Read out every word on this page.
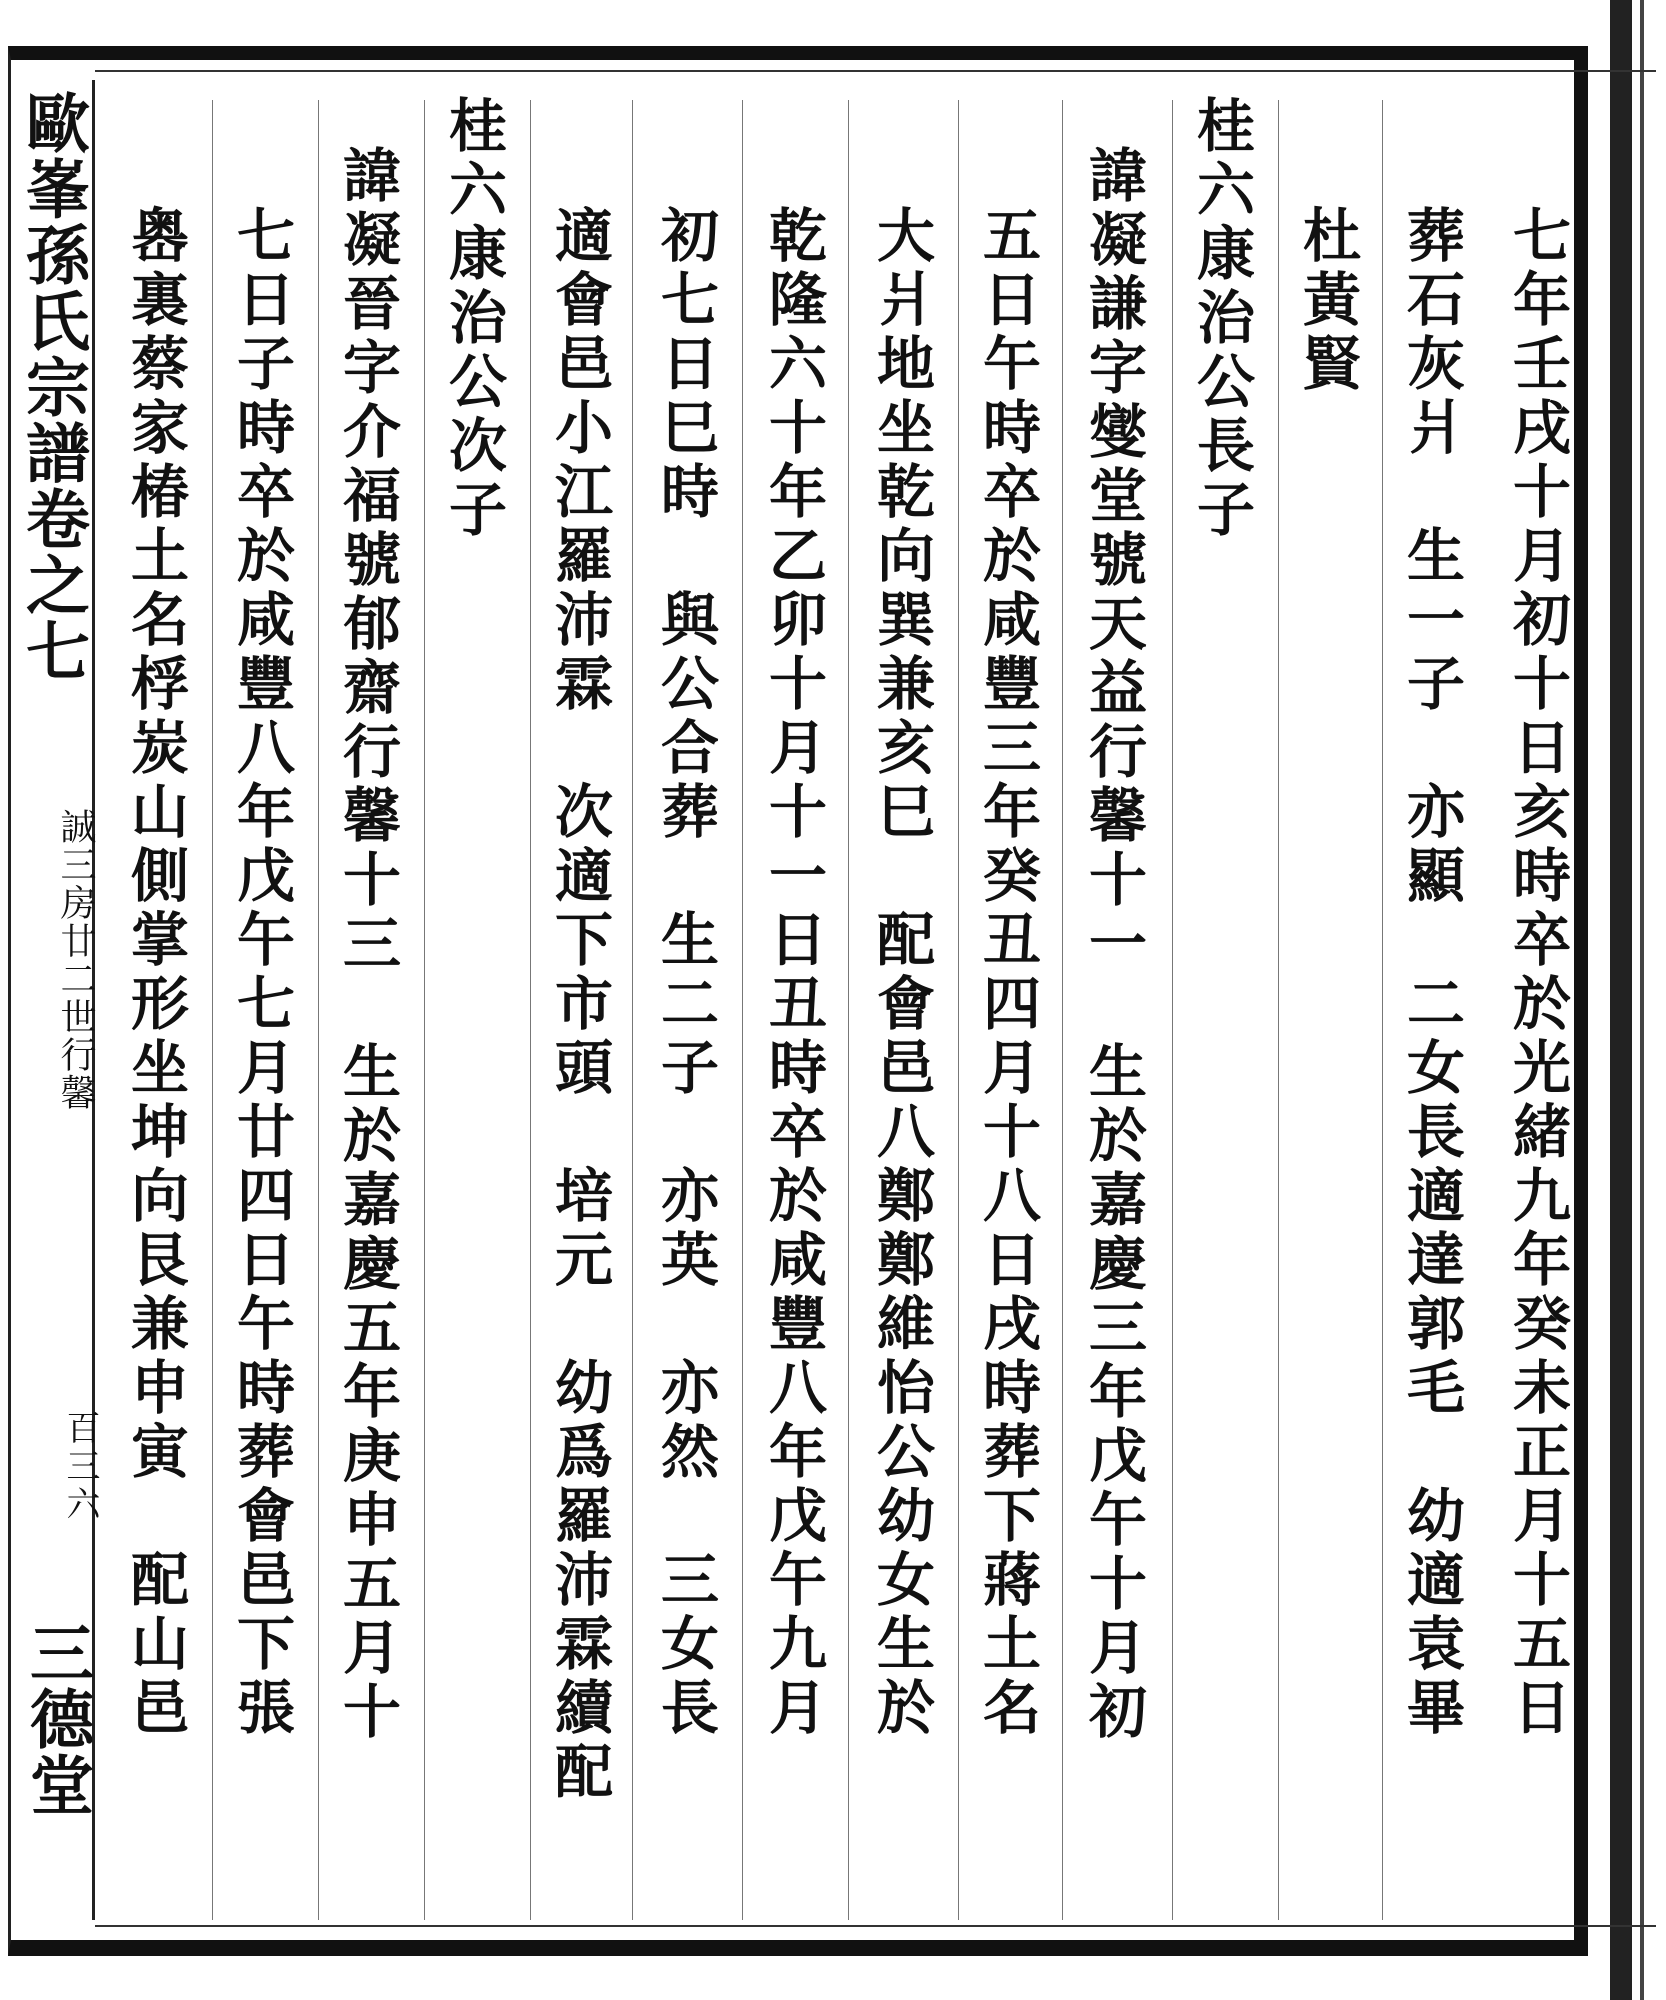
歐峯孫氏宗譜卷之七
誠三房廿二世行馨
百三六
三德堂	七年壬戌十月初十日亥時卒於光緒九年癸未正月十五日
葬石灰爿　生一子　亦顯　二女長適達郭毛　幼適袁畢
杜黃賢
桂六康治公長子
諱凝謙字燮堂號天益行馨十一　生於嘉慶三年戊午十月初
五日午時卒於咸豐三年癸丑四月十八日戌時葬下蔣土名
大爿地坐乾向巽兼亥巳　配會邑八鄭鄭維怡公幼女生於
乾隆六十年乙卯十月十一日丑時卒於咸豐八年戊午九月
初七日巳時　與公合葬　生二子　亦英　亦然　三女長
適會邑小江羅沛霖　次適下市頭　培元　幼爲羅沛霖續配
桂六康治公次子
諱凝晉字介福號郁齋行馨十三　生於嘉慶五年庚申五月十
七日子時卒於咸豐八年戊午七月廿四日午時葬會邑下張
嶴裏蔡家椿土名桴炭山側掌形坐坤向艮兼申寅　配山邑
